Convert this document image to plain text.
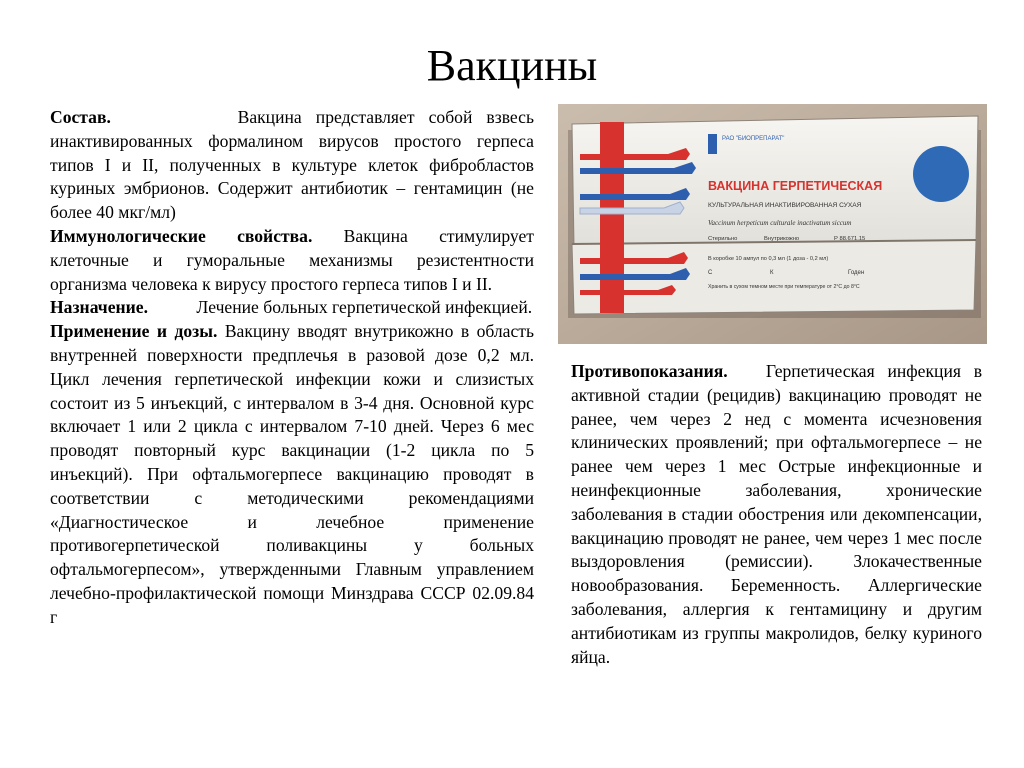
Вакцины

Состав.	Вакцина представляет собой взвесь инактивированных формалином вирусов простого герпеса типов I и II, полученных в культуре клеток фибробластов куриных эмбрионов. Содержит антибиотик – гентамицин (не более 40 мкг/мл)

Иммунологические свойства. Вакцина стимулирует клеточные и гуморальные механизмы резистентности организма человека к вирусу простого герпеса типов I и II.

Назначение.	Лечение больных герпетической инфекцией.

Применение и дозы. Вакцину вводят внутрикожно в область внутренней поверхности предплечья в разовой дозе 0,2 мл. Цикл лечения герпетической инфекции кожи и слизистых состоит из 5 инъекций, с интервалом в 3-4 дня. Основной курс включает 1 или 2 цикла с интервалом 7-10 дней. Через 6 мес проводят повторный курс вакцинации (1-2 цикла по 5 инъекций). При офтальмогерпесе вакцинацию проводят в соответствии с методическими рекомендациями «Диагностическое и лечебное применение противогерпетической поливакцины у больных офтальмогерпесом», утвержденными Главным управлением лечебно-профилактической помощи Минздрава СССР 02.09.84 г

РАО "БИОПРЕПАРАТ"
ВАКЦИНА ГЕРПЕТИЧЕСКАЯ
КУЛЬТУРАЛЬНАЯ ИНАКТИВИРОВАННАЯ СУХАЯ
Vaccinum herpeticum culturale inactivatum siccum
Стерильно	Внутрикожно	Р 88.671.15
В коробке 10 ампул по 0,3 мл (1 доза - 0,2 мл)
С	К	Годен
Хранить в сухом темном месте при температуре от 2°С до 8°С

Противопоказания. Герпетическая инфекция в активной стадии (рецидив) вакцинацию проводят не ранее, чем через 2 нед с момента исчезновения клинических проявлений; при офтальмогерпесе – не ранее чем через 1 мес Острые инфекционные и неинфекционные заболевания, хронические заболевания в стадии обострения или декомпенсации, вакцинацию проводят не ранее, чем через 1 мес после выздоровления (ремиссии). Злокачественные новообразования. Беременность. Аллергические заболевания, аллергия к гентамицину и другим антибиотикам из группы макролидов, белку куриного яйца.
